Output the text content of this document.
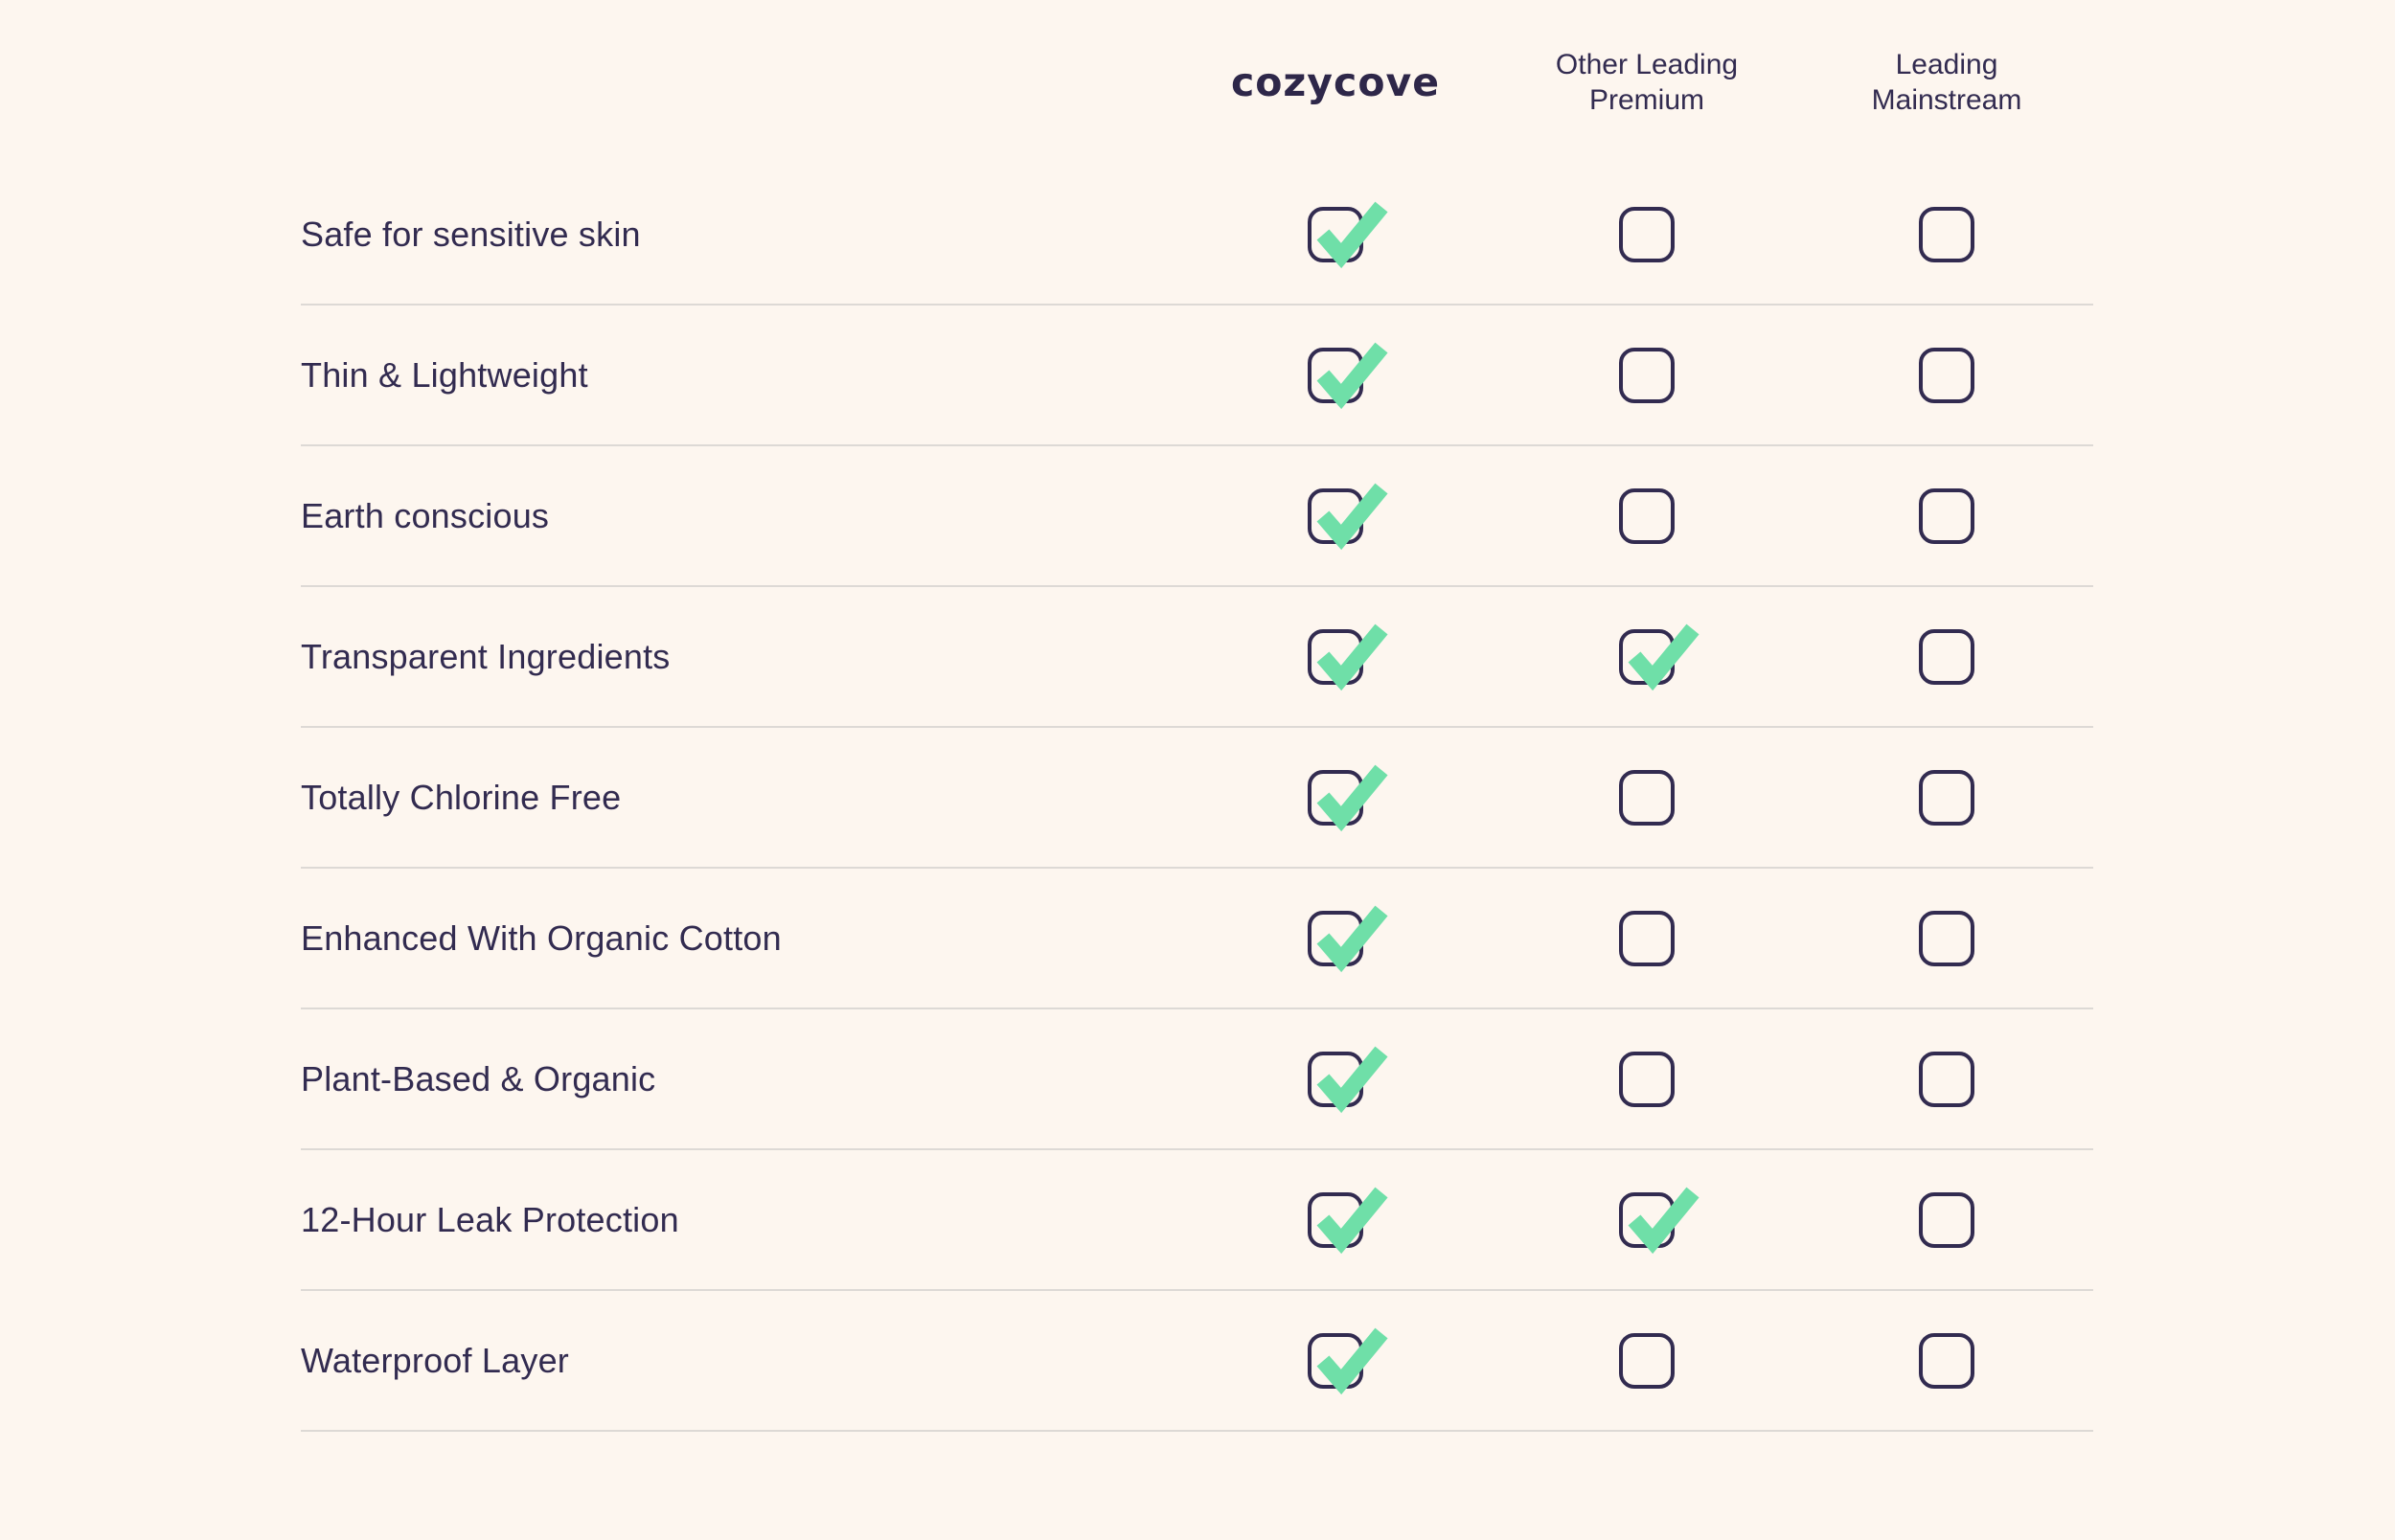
cozycove	Other Leading Premium
Leading Mainstream
Safe for sensitive skin
Thin & Lightweight
Earth conscious
Transparent Ingredients
Totally Chlorine Free
Enhanced With Organic Cotton
Plant-Based & Organic
12-Hour Leak Protection
Waterproof Layer
